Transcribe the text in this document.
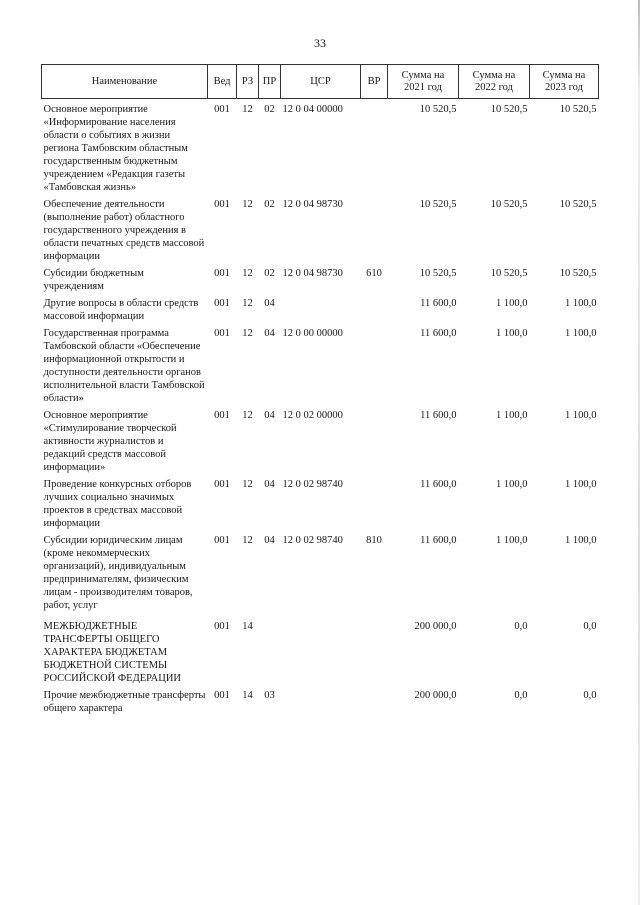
33
Наименование	Вед	РЗ	ПР	ЦСР	ВР	Сумма на 2021 год	Сумма на 2022 год	Сумма на 2023 год
Основное мероприятие «Информирование населения области о событиях в жизни региона Тамбовским областным государственным бюджетным учреждением «Редакция газеты «Тамбовская жизнь»	001	12	02	12 0 04 00000		10 520,5	10 520,5	10 520,5
Обеспечение деятельности (выполнение работ) областного государственного учреждения в области печатных средств массовой информации	001	12	02	12 0 04 98730		10 520,5	10 520,5	10 520,5
Субсидии бюджетным учреждениям	001	12	02	12 0 04 98730	610	10 520,5	10 520,5	10 520,5
Другие вопросы в области средств массовой информации	001	12	04			11 600,0	1 100,0	1 100,0
Государственная программа Тамбовской области «Обеспечение информационной открытости и доступности деятельности органов исполнительной власти Тамбовской области»	001	12	04	12 0 00 00000		11 600,0	1 100,0	1 100,0
Основное мероприятие «Стимулирование творческой активности журналистов и редакций средств массовой информации»	001	12	04	12 0 02 00000		11 600,0	1 100,0	1 100,0
Проведение конкурсных отборов лучших социально значимых проектов в средствах массовой информации	001	12	04	12 0 02 98740		11 600,0	1 100,0	1 100,0
Субсидии юридическим лицам (кроме некоммерческих организаций), индивидуальным предпринимателям, физическим лицам - производителям товаров, работ, услуг	001	12	04	12 0 02 98740	810	11 600,0	1 100,0	1 100,0
МЕЖБЮДЖЕТНЫЕ ТРАНСФЕРТЫ ОБЩЕГО ХАРАКТЕРА БЮДЖЕТАМ БЮДЖЕТНОЙ СИСТЕМЫ РОССИЙСКОЙ ФЕДЕРАЦИИ	001	14				200 000,0	0,0	0,0
Прочие межбюджетные трансферты общего характера	001	14	03			200 000,0	0,0	0,0
